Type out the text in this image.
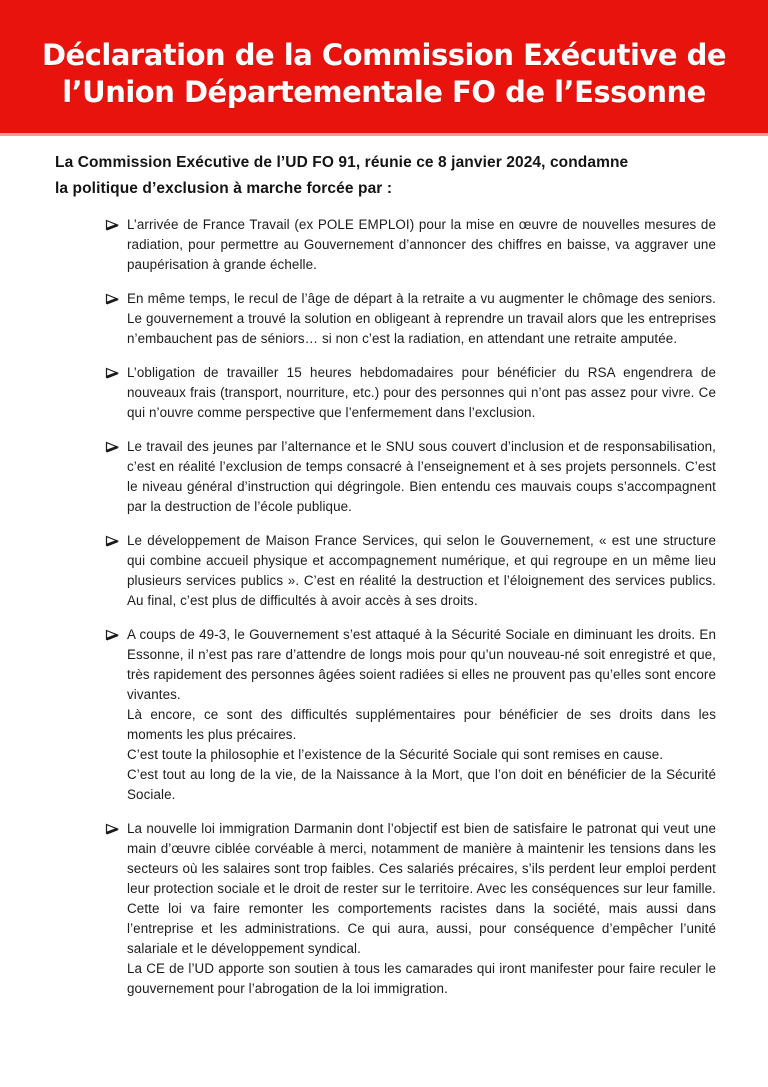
Déclaration de la Commission Exécutive de
l’Union Départementale FO de l’Essonne
La Commission Exécutive de l’UD FO 91, réunie ce 8 janvier 2024, condamne
la politique d’exclusion à marche forcée par :
L’arrivée de France Travail (ex POLE EMPLOI) pour la mise en œuvre de nouvelles mesures de radiation, pour permettre au Gouvernement d’annoncer des chiffres en baisse, va aggraver une paupérisation à grande échelle.
En même temps, le recul de l’âge de départ à la retraite a vu augmenter le chômage des seniors. Le gouvernement a trouvé la solution en obligeant à reprendre un travail alors que les entreprises n’embauchent pas de séniors… si non c’est la radiation, en attendant une retraite amputée.
L’obligation de travailler 15 heures hebdomadaires pour bénéficier du RSA engendrera de nouveaux frais (transport, nourriture, etc.) pour des personnes qui n’ont pas assez pour vivre. Ce qui n’ouvre comme perspective que l’enfermement dans l’exclusion.
Le travail des jeunes par l’alternance et le SNU sous couvert d’inclusion et de responsabilisation, c’est en réalité l’exclusion de temps consacré à l’enseignement et à ses projets personnels. C’est le niveau général d’instruction qui dégringole. Bien entendu ces mauvais coups s’accompagnent par la destruction de l’école publique.
Le développement de Maison France Services, qui selon le Gouvernement, « est une structure qui combine accueil physique et accompagnement numérique, et qui regroupe en un même lieu plusieurs services publics ». C’est en réalité la destruction et l’éloignement des services publics. Au final, c’est plus de difficultés à avoir accès à ses droits.
A coups de 49-3, le Gouvernement s’est attaqué à la Sécurité Sociale en diminuant les droits. En Essonne, il n’est pas rare d’attendre de longs mois pour qu’un nouveau-né soit enregistré et que, très rapidement des personnes âgées soient radiées si elles ne prouvent pas qu’elles sont encore vivantes.
Là encore, ce sont des difficultés supplémentaires pour bénéficier de ses droits dans les moments les plus précaires.
C’est toute la philosophie et l’existence de la Sécurité Sociale qui sont remises en cause.
C’est tout au long de la vie, de la Naissance à la Mort, que l’on doit en bénéficier de la Sécurité Sociale.
La nouvelle loi immigration Darmanin dont l’objectif est bien de satisfaire le patronat qui veut une main d’œuvre ciblée corvéable à merci, notamment de manière à maintenir les tensions dans les secteurs où les salaires sont trop faibles. Ces salariés précaires, s’ils perdent leur emploi perdent leur protection sociale et le droit de rester sur le territoire. Avec les conséquences sur leur famille. Cette loi va faire remonter les comportements racistes dans la société, mais aussi dans l’entreprise et les administrations. Ce qui aura, aussi, pour conséquence d’empêcher l’unité salariale et le développement syndical.
La CE de l’UD apporte son soutien à tous les camarades qui iront manifester pour faire reculer le gouvernement pour l’abrogation de la loi immigration.
